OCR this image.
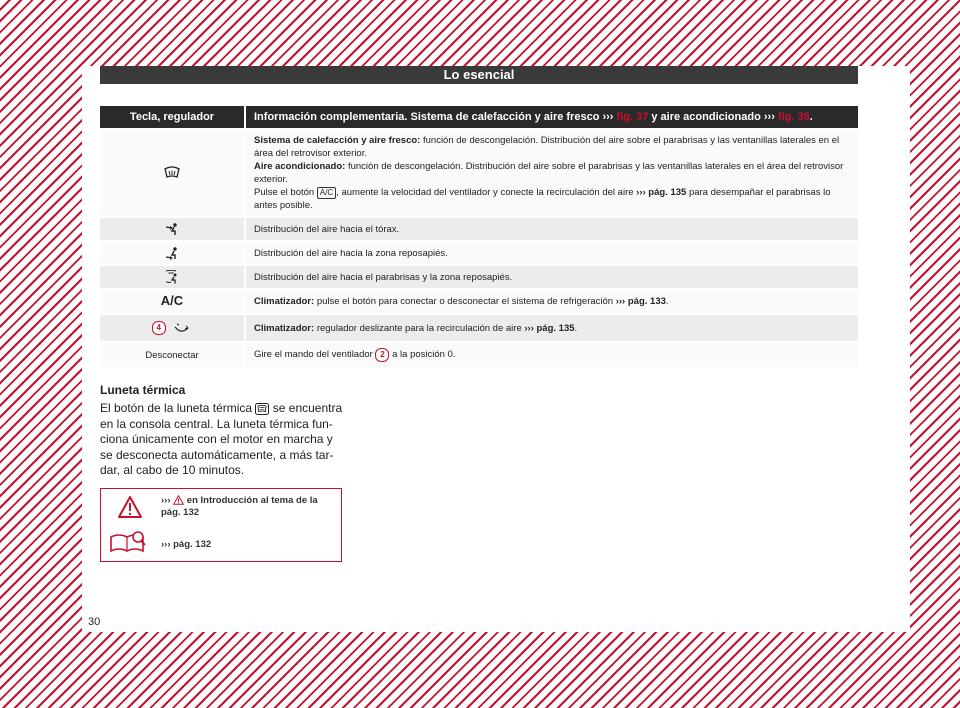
Lo esencial
Tecla, regulador	Información complementaria. Sistema de calefacción y aire fresco ››› fig. 37 y aire acondicionado ››› fig. 38.
	Sistema de calefacción y aire fresco: función de descongelación. Distribución del aire sobre el parabrisas y las ventanillas laterales en el área del retrovisor exterior.
Aire acondicionado: función de descongelación. Distribución del aire sobre el parabrisas y las ventanillas laterales en el área del retrovisor exterior.
Pulse el botón A/C , aumente la velocidad del ventilador y conecte la recirculación del aire ››› pág. 135 para desempañar el parabrisas lo antes posible.
	Distribución del aire hacia el tórax.
	Distribución del aire hacia la zona reposapiés.
	Distribución del aire hacia el parabrisas y la zona reposapiés.
A/C	Climatizador: pulse el botón para conectar o desconectar el sistema de refrigeración ››› pág. 133.
4	Climatizador: regulador deslizante para la recirculación de aire ››› pág. 135.
Desconectar	Gire el mando del ventilador 2 a la posición 0.
Luneta térmica
El botón de la luneta térmica  se encuentra en la consola central. La luneta térmica fun-ciona únicamente con el motor en marcha y se desconecta automáticamente, a más tar-dar, al cabo de 10 minutos.
›››  en Introducción al tema de la pág. 132
››› pág. 132
30
